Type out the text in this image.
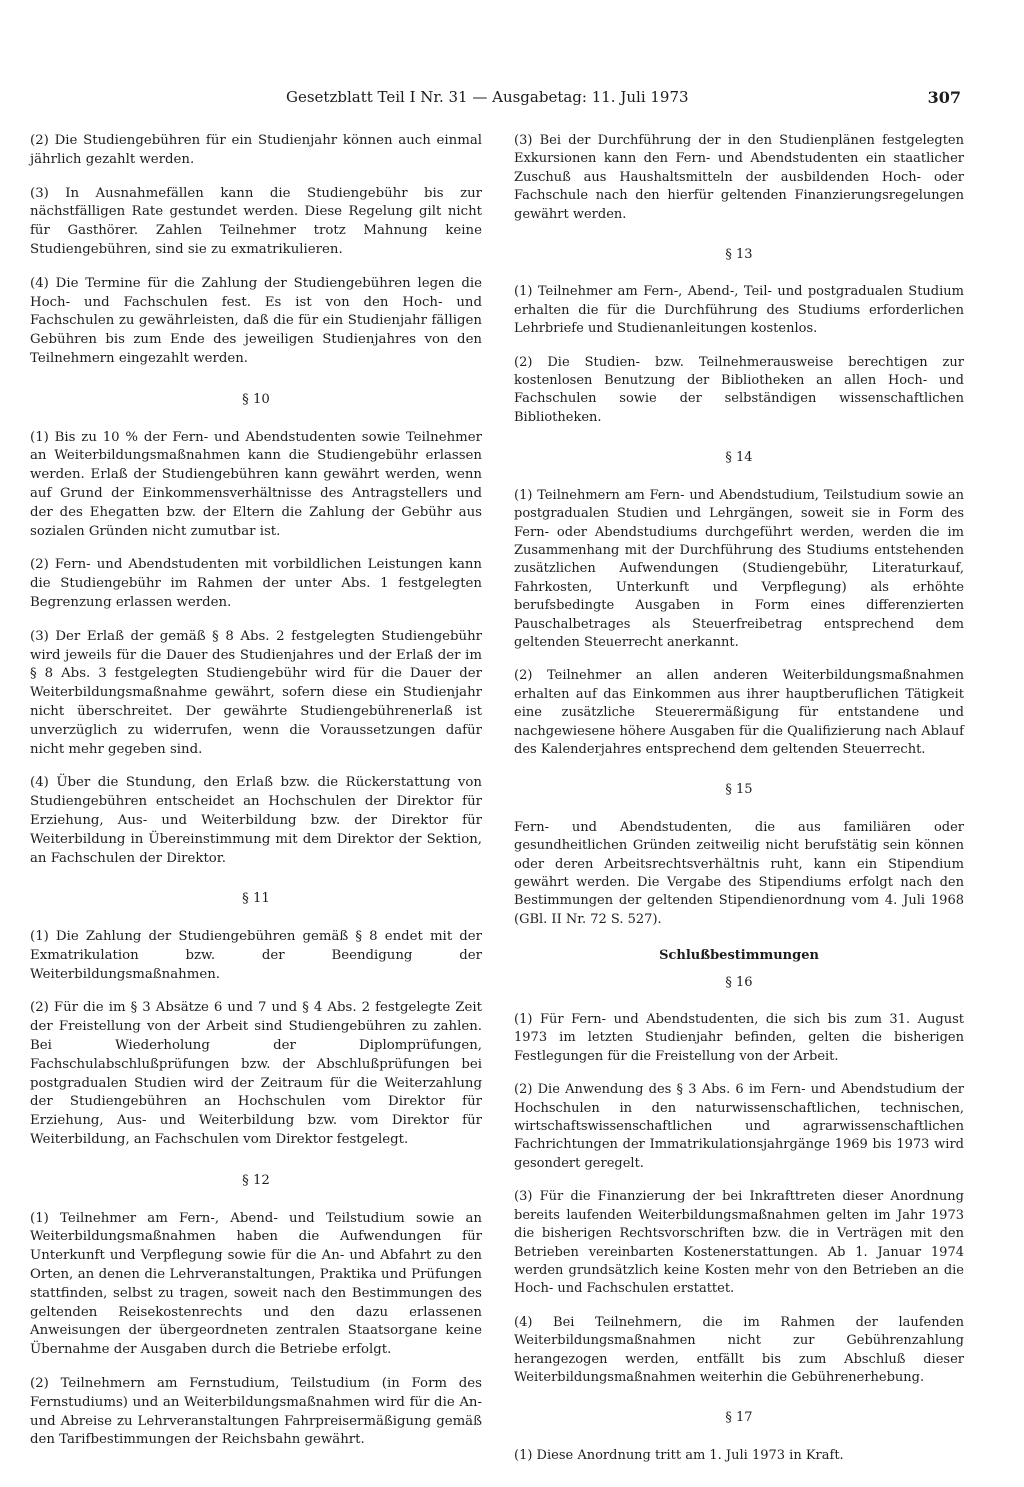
Gesetzblatt Teil I Nr. 31 — Ausgabetag: 11. Juli 1973	307

(2) Die Studiengebühren für ein Studienjahr können auch einmal jährlich gezahlt werden.

(3) In Ausnahmefällen kann die Studiengebühr bis zur nächstfälligen Rate gestundet werden. Diese Regelung gilt nicht für Gasthörer. Zahlen Teilnehmer trotz Mahnung keine Studiengebühren, sind sie zu exmatrikulieren.

(4) Die Termine für die Zahlung der Studiengebühren legen die Hoch- und Fachschulen fest. Es ist von den Hoch- und Fachschulen zu gewährleisten, daß die für ein Studienjahr fälligen Gebühren bis zum Ende des jeweiligen Studienjahres von den Teilnehmern eingezahlt werden.

§ 10

(1) Bis zu 10 % der Fern- und Abendstudenten sowie Teilnehmer an Weiterbildungsmaßnahmen kann die Studiengebühr erlassen werden. Erlaß der Studiengebühren kann gewährt werden, wenn auf Grund der Einkommensverhältnisse des Antragstellers und der des Ehegatten bzw. der Eltern die Zahlung der Gebühr aus sozialen Gründen nicht zumutbar ist.

(2) Fern- und Abendstudenten mit vorbildlichen Leistungen kann die Studiengebühr im Rahmen der unter Abs. 1 festgelegten Begrenzung erlassen werden.

(3) Der Erlaß der gemäß § 8 Abs. 2 festgelegten Studiengebühr wird jeweils für die Dauer des Studienjahres und der Erlaß der im § 8 Abs. 3 festgelegten Studiengebühr wird für die Dauer der Weiterbildungsmaßnahme gewährt, sofern diese ein Studienjahr nicht überschreitet. Der gewährte Studiengebührenerlaß ist unverzüglich zu widerrufen, wenn die Voraussetzungen dafür nicht mehr gegeben sind.

(4) Über die Stundung, den Erlaß bzw. die Rückerstattung von Studiengebühren entscheidet an Hochschulen der Direktor für Erziehung, Aus- und Weiterbildung bzw. der Direktor für Weiterbildung in Übereinstimmung mit dem Direktor der Sektion, an Fachschulen der Direktor.

§ 11

(1) Die Zahlung der Studiengebühren gemäß § 8 endet mit der Exmatrikulation bzw. der Beendigung der Weiterbildungsmaßnahmen.

(2) Für die im § 3 Absätze 6 und 7 und § 4 Abs. 2 festgelegte Zeit der Freistellung von der Arbeit sind Studiengebühren zu zahlen. Bei Wiederholung der Diplomprüfungen, Fachschulabschlußprüfungen bzw. der Abschlußprüfungen bei postgradualen Studien wird der Zeitraum für die Weiterzahlung der Studiengebühren an Hochschulen vom Direktor für Erziehung, Aus- und Weiterbildung bzw. vom Direktor für Weiterbildung, an Fachschulen vom Direktor festgelegt.

§ 12

(1) Teilnehmer am Fern-, Abend- und Teilstudium sowie an Weiterbildungsmaßnahmen haben die Aufwendungen für Unterkunft und Verpflegung sowie für die An- und Abfahrt zu den Orten, an denen die Lehrveranstaltungen, Praktika und Prüfungen stattfinden, selbst zu tragen, soweit nach den Bestimmungen des geltenden Reisekostenrechts und den dazu erlassenen Anweisungen der übergeordneten zentralen Staatsorgane keine Übernahme der Ausgaben durch die Betriebe erfolgt.

(2) Teilnehmern am Fernstudium, Teilstudium (in Form des Fernstudiums) und an Weiterbildungsmaßnahmen wird für die An- und Abreise zu Lehrveranstaltungen Fahrpreisermäßigung gemäß den Tarifbestimmungen der Reichsbahn gewährt.

(3) Bei der Durchführung der in den Studienplänen festgelegten Exkursionen kann den Fern- und Abendstudenten ein staatlicher Zuschuß aus Haushaltsmitteln der ausbildenden Hoch- oder Fachschule nach den hierfür geltenden Finanzierungsregelungen gewährt werden.

§ 13

(1) Teilnehmer am Fern-, Abend-, Teil- und postgradualen Studium erhalten die für die Durchführung des Studiums erforderlichen Lehrbriefe und Studienanleitungen kostenlos.

(2) Die Studien- bzw. Teilnehmerausweise berechtigen zur kostenlosen Benutzung der Bibliotheken an allen Hoch- und Fachschulen sowie der selbständigen wissenschaftlichen Bibliotheken.

§ 14

(1) Teilnehmern am Fern- und Abendstudium, Teilstudium sowie an postgradualen Studien und Lehrgängen, soweit sie in Form des Fern- oder Abendstudiums durchgeführt werden, werden die im Zusammenhang mit der Durchführung des Studiums entstehenden zusätzlichen Aufwendungen (Studiengebühr, Literaturkauf, Fahrkosten, Unterkunft und Verpflegung) als erhöhte berufsbedingte Ausgaben in Form eines differenzierten Pauschalbetrages als Steuerfreibetrag entsprechend dem geltenden Steuerrecht anerkannt.

(2) Teilnehmer an allen anderen Weiterbildungsmaßnahmen erhalten auf das Einkommen aus ihrer hauptberuflichen Tätigkeit eine zusätzliche Steuerermäßigung für entstandene und nachgewiesene höhere Ausgaben für die Qualifizierung nach Ablauf des Kalenderjahres entsprechend dem geltenden Steuerrecht.

§ 15

Fern- und Abendstudenten, die aus familiären oder gesundheitlichen Gründen zeitweilig nicht berufstätig sein können oder deren Arbeitsrechtsverhältnis ruht, kann ein Stipendium gewährt werden. Die Vergabe des Stipendiums erfolgt nach den Bestimmungen der geltenden Stipendienordnung vom 4. Juli 1968 (GBl. II Nr. 72 S. 527).

Schlußbestimmungen
§ 16

(1) Für Fern- und Abendstudenten, die sich bis zum 31. August 1973 im letzten Studienjahr befinden, gelten die bisherigen Festlegungen für die Freistellung von der Arbeit.

(2) Die Anwendung des § 3 Abs. 6 im Fern- und Abendstudium der Hochschulen in den naturwissenschaftlichen, technischen, wirtschaftswissenschaftlichen und agrarwissenschaftlichen Fachrichtungen der Immatrikulationsjahrgänge 1969 bis 1973 wird gesondert geregelt.

(3) Für die Finanzierung der bei Inkrafttreten dieser Anordnung bereits laufenden Weiterbildungsmaßnahmen gelten im Jahr 1973 die bisherigen Rechtsvorschriften bzw. die in Verträgen mit den Betrieben vereinbarten Kostenerstattungen. Ab 1. Januar 1974 werden grundsätzlich keine Kosten mehr von den Betrieben an die Hoch- und Fachschulen erstattet.

(4) Bei Teilnehmern, die im Rahmen der laufenden Weiterbildungsmaßnahmen nicht zur Gebührenzahlung herangezogen werden, entfällt bis zum Abschluß dieser Weiterbildungsmaßnahmen weiterhin die Gebührenerhebung.

§ 17

(1) Diese Anordnung tritt am 1. Juli 1973 in Kraft.
